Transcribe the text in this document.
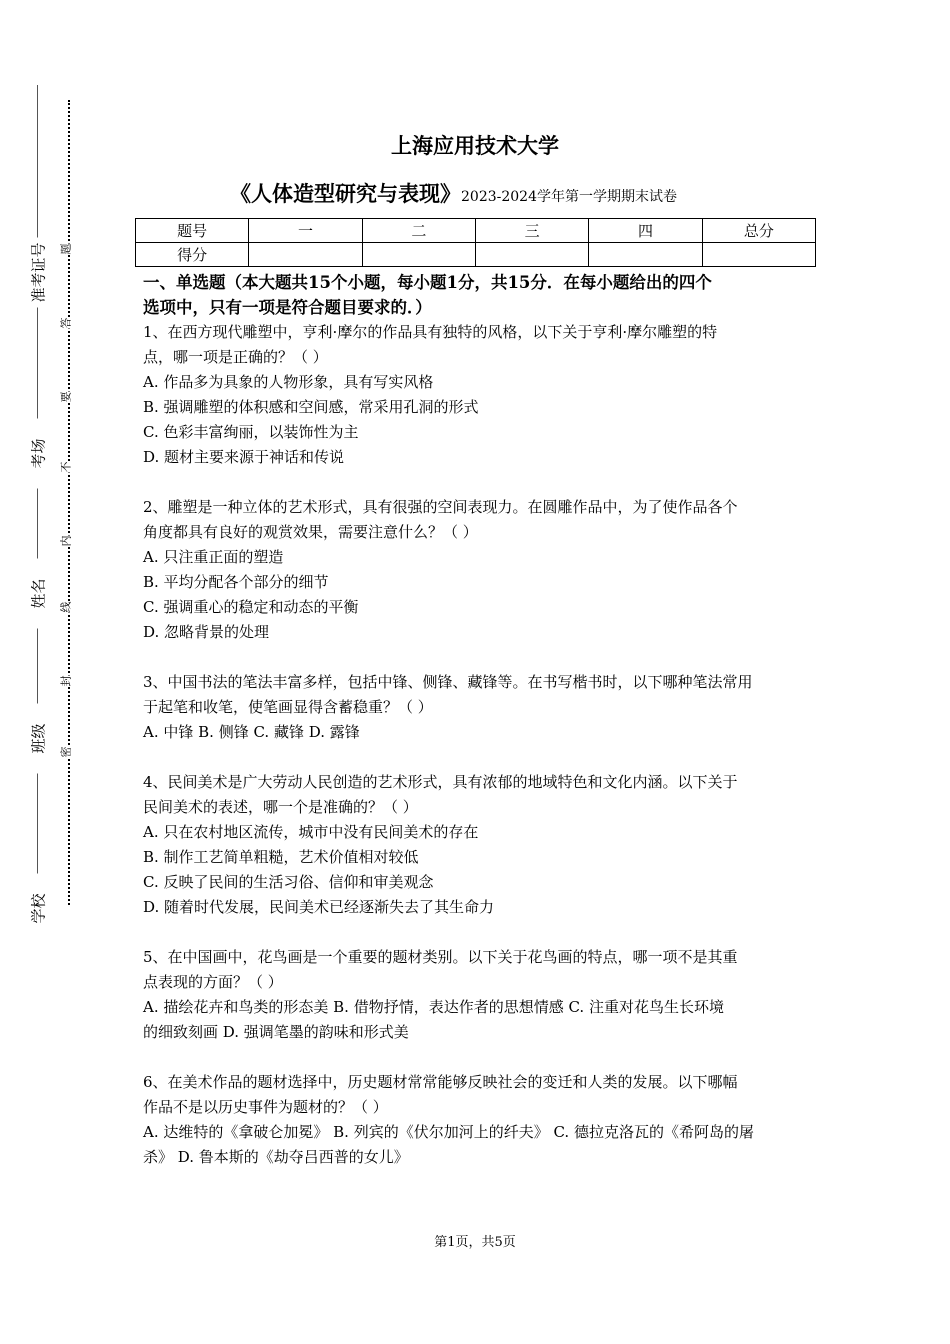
准考证号
考场
姓名
班级
学校
题
答
要
不
内
线
封
密
上海应用技术大学
《人体造型研究与表现》2023-2024学年第一学期期末试卷
题号	一	二	三	四	总分
得分					
一、单选题（本大题共15个小题，每小题1分，共15分．在每小题给出的四个
选项中，只有一项是符合题目要求的．）
1、在西方现代雕塑中，亨利·摩尔的作品具有独特的风格，以下关于亨利·摩尔雕塑的特
点，哪一项是正确的？（ ）
A. 作品多为具象的人物形象，具有写实风格
B. 强调雕塑的体积感和空间感，常采用孔洞的形式
C. 色彩丰富绚丽，以装饰性为主
D. 题材主要来源于神话和传说
2、雕塑是一种立体的艺术形式，具有很强的空间表现力。在圆雕作品中，为了使作品各个
角度都具有良好的观赏效果，需要注意什么？（ ）
A. 只注重正面的塑造
B. 平均分配各个部分的细节
C. 强调重心的稳定和动态的平衡
D. 忽略背景的处理
3、中国书法的笔法丰富多样，包括中锋、侧锋、藏锋等。在书写楷书时，以下哪种笔法常用
于起笔和收笔，使笔画显得含蓄稳重？（ ）
A. 中锋 B. 侧锋 C. 藏锋 D. 露锋
4、民间美术是广大劳动人民创造的艺术形式，具有浓郁的地域特色和文化内涵。以下关于
民间美术的表述，哪一个是准确的？（ ）
A. 只在农村地区流传，城市中没有民间美术的存在
B. 制作工艺简单粗糙，艺术价值相对较低
C. 反映了民间的生活习俗、信仰和审美观念
D. 随着时代发展，民间美术已经逐渐失去了其生命力
5、在中国画中，花鸟画是一个重要的题材类别。以下关于花鸟画的特点，哪一项不是其重
点表现的方面？（ ）
A. 描绘花卉和鸟类的形态美 B. 借物抒情，表达作者的思想情感 C. 注重对花鸟生长环境
的细致刻画 D. 强调笔墨的韵味和形式美
6、在美术作品的题材选择中，历史题材常常能够反映社会的变迁和人类的发展。以下哪幅
作品不是以历史事件为题材的？（ ）
A. 达维特的《拿破仑加冕》 B. 列宾的《伏尔加河上的纤夫》 C. 德拉克洛瓦的《希阿岛的屠
杀》 D. 鲁本斯的《劫夺吕西普的女儿》
第1页，共5页
